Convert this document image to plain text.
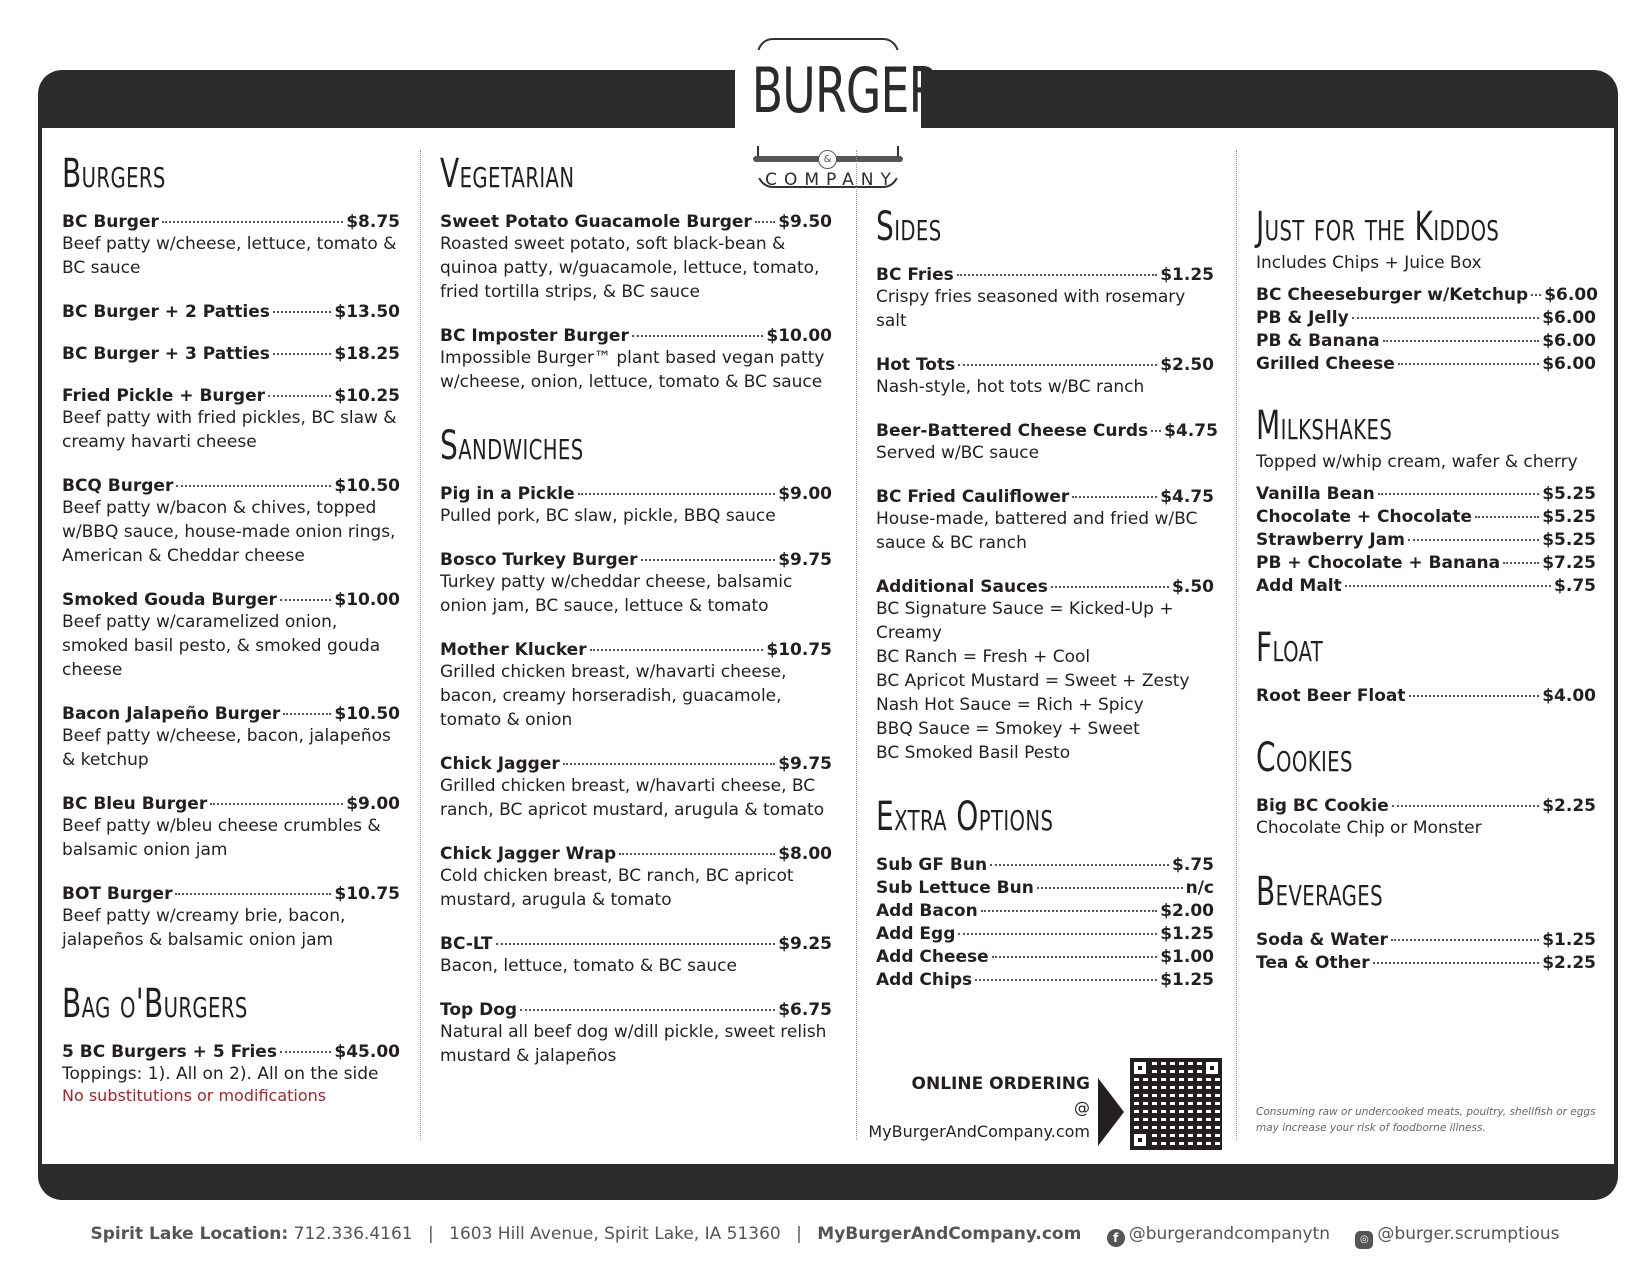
BURGER
&
COMPANY
Burgers
BC Burger	$8.75
Beef patty w/cheese, lettuce, tomato & BC sauce
BC Burger + 2 Patties	$13.50
BC Burger + 3 Patties	$18.25
Fried Pickle + Burger	$10.25
Beef patty with fried pickles, BC slaw & creamy havarti cheese
BCQ Burger	$10.50
Beef patty w/bacon & chives, topped w/BBQ sauce, house-made onion rings, American & Cheddar cheese
Smoked Gouda Burger	$10.00
Beef patty w/caramelized onion, smoked basil pesto, & smoked gouda cheese
Bacon Jalapeño Burger	$10.50
Beef patty w/cheese, bacon, jalapeños & ketchup
BC Bleu Burger	$9.00
Beef patty w/bleu cheese crumbles & balsamic onion jam
BOT Burger	$10.75
Beef patty w/creamy brie, bacon, jalapeños & balsamic onion jam
Bag o'Burgers
5 BC Burgers + 5 Fries	$45.00
Toppings: 1). All on 2). All on the side
No substitutions or modifications
Vegetarian
Sweet Potato Guacamole Burger $9.50
Roasted sweet potato, soft black-bean & quinoa patty, w/guacamole, lettuce, tomato, fried tortilla strips, & BC sauce
BC Imposter Burger	$10.00
Impossible Burger™ plant based vegan patty w/cheese, onion, lettuce, tomato & BC sauce
Sandwiches
Pig in a Pickle	$9.00
Pulled pork, BC slaw, pickle, BBQ sauce
Bosco Turkey Burger	$9.75
Turkey patty w/cheddar cheese, balsamic onion jam, BC sauce, lettuce & tomato
Mother Klucker	$10.75
Grilled chicken breast, w/havarti cheese, bacon, creamy horseradish, guacamole, tomato & onion
Chick Jagger	$9.75
Grilled chicken breast, w/havarti cheese, BC ranch, BC apricot mustard, arugula & tomato
Chick Jagger Wrap	$8.00
Cold chicken breast, BC ranch, BC apricot mustard, arugula & tomato
BC-LT	$9.25
Bacon, lettuce, tomato & BC sauce
Top Dog	$6.75
Natural all beef dog w/dill pickle, sweet relish mustard & jalapeños
Sides
BC Fries	$1.25
Crispy fries seasoned with rosemary salt
Hot Tots	$2.50
Nash-style, hot tots w/BC ranch
Beer-Battered Cheese Curds $4.75
Served w/BC sauce
BC Fried Cauliflower	$4.75
House-made, battered and fried w/BC sauce & BC ranch
Additional Sauces	$.50
BC Signature Sauce = Kicked-Up + Creamy
BC Ranch = Fresh + Cool
BC Apricot Mustard = Sweet + Zesty
Nash Hot Sauce = Rich + Spicy
BBQ Sauce = Smokey + Sweet
BC Smoked Basil Pesto
Extra Options
Sub GF Bun	$.75
Sub Lettuce Bun	n/c
Add Bacon	$2.00
Add Egg	$1.25
Add Cheese	$1.00
Add Chips	$1.25
ONLINE ORDERING
@ MyBurgerAndCompany.com
Just for the Kiddos
Includes Chips + Juice Box
BC Cheeseburger w/Ketchup $6.00
PB & Jelly	$6.00
PB & Banana	$6.00
Grilled Cheese	$6.00
Milkshakes
Topped w/whip cream, wafer & cherry
Vanilla Bean	$5.25
Chocolate + Chocolate	$5.25
Strawberry Jam	$5.25
PB + Chocolate + Banana $7.25
Add Malt	$.75
Float
Root Beer Float	$4.00
Cookies
Big BC Cookie	$2.25
Chocolate Chip or Monster
Beverages
Soda & Water	$1.25
Tea & Other	$2.25
Consuming raw or undercooked meats, poultry, shellfish or eggs may increase your risk of foodborne illness.
Spirit Lake Location: 712.336.4161 | 1603 Hill Avenue, Spirit Lake, IA 51360 | MyBurgerAndCompany.com	f @burgerandcompanytn	◎ @burger.scrumptious
